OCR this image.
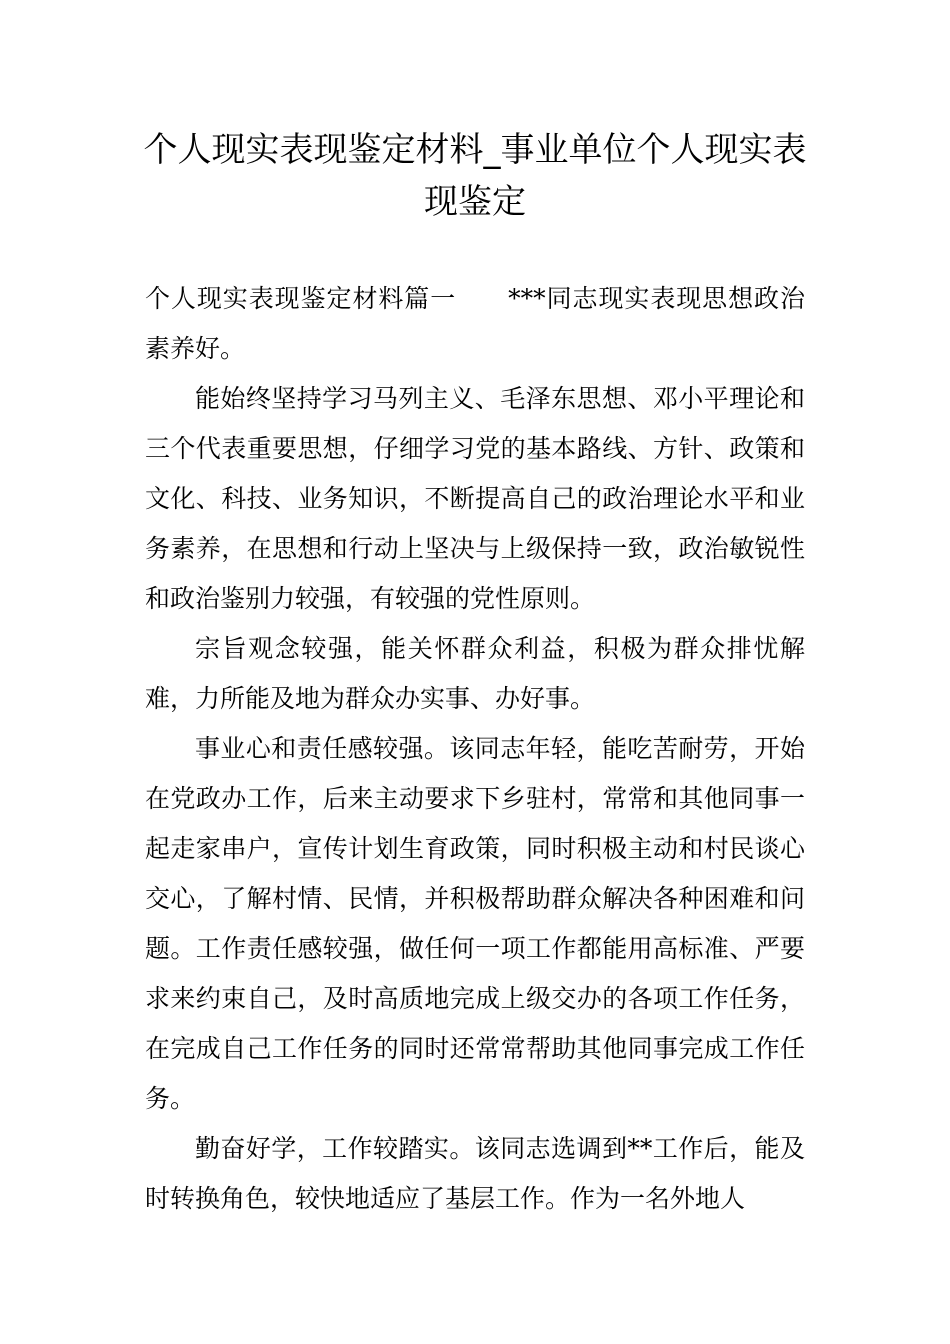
个人现实表现鉴定材料_事业单位个人现实表现鉴定

个人现实表现鉴定材料篇一 ***同志现实表现思想政治素养好。

能始终坚持学习马列主义、毛泽东思想、邓小平理论和三个代表重要思想，仔细学习党的基本路线、方针、政策和文化、科技、业务知识，不断提高自己的政治理论水平和业务素养，在思想和行动上坚决与上级保持一致，政治敏锐性和政治鉴别力较强，有较强的党性原则。

宗旨观念较强，能关怀群众利益，积极为群众排忧解难，力所能及地为群众办实事、办好事。

事业心和责任感较强。该同志年轻，能吃苦耐劳，开始在党政办工作，后来主动要求下乡驻村，常常和其他同事一起走家串户，宣传计划生育政策，同时积极主动和村民谈心交心，了解村情、民情，并积极帮助群众解决各种困难和问题。工作责任感较强，做任何一项工作都能用高标准、严要求来约束自己，及时高质地完成上级交办的各项工作任务，在完成自己工作任务的同时还常常帮助其他同事完成工作任务。

勤奋好学，工作较踏实。该同志选调到**工作后，能及时转换角色，较快地适应了基层工作。作为一名外地人
